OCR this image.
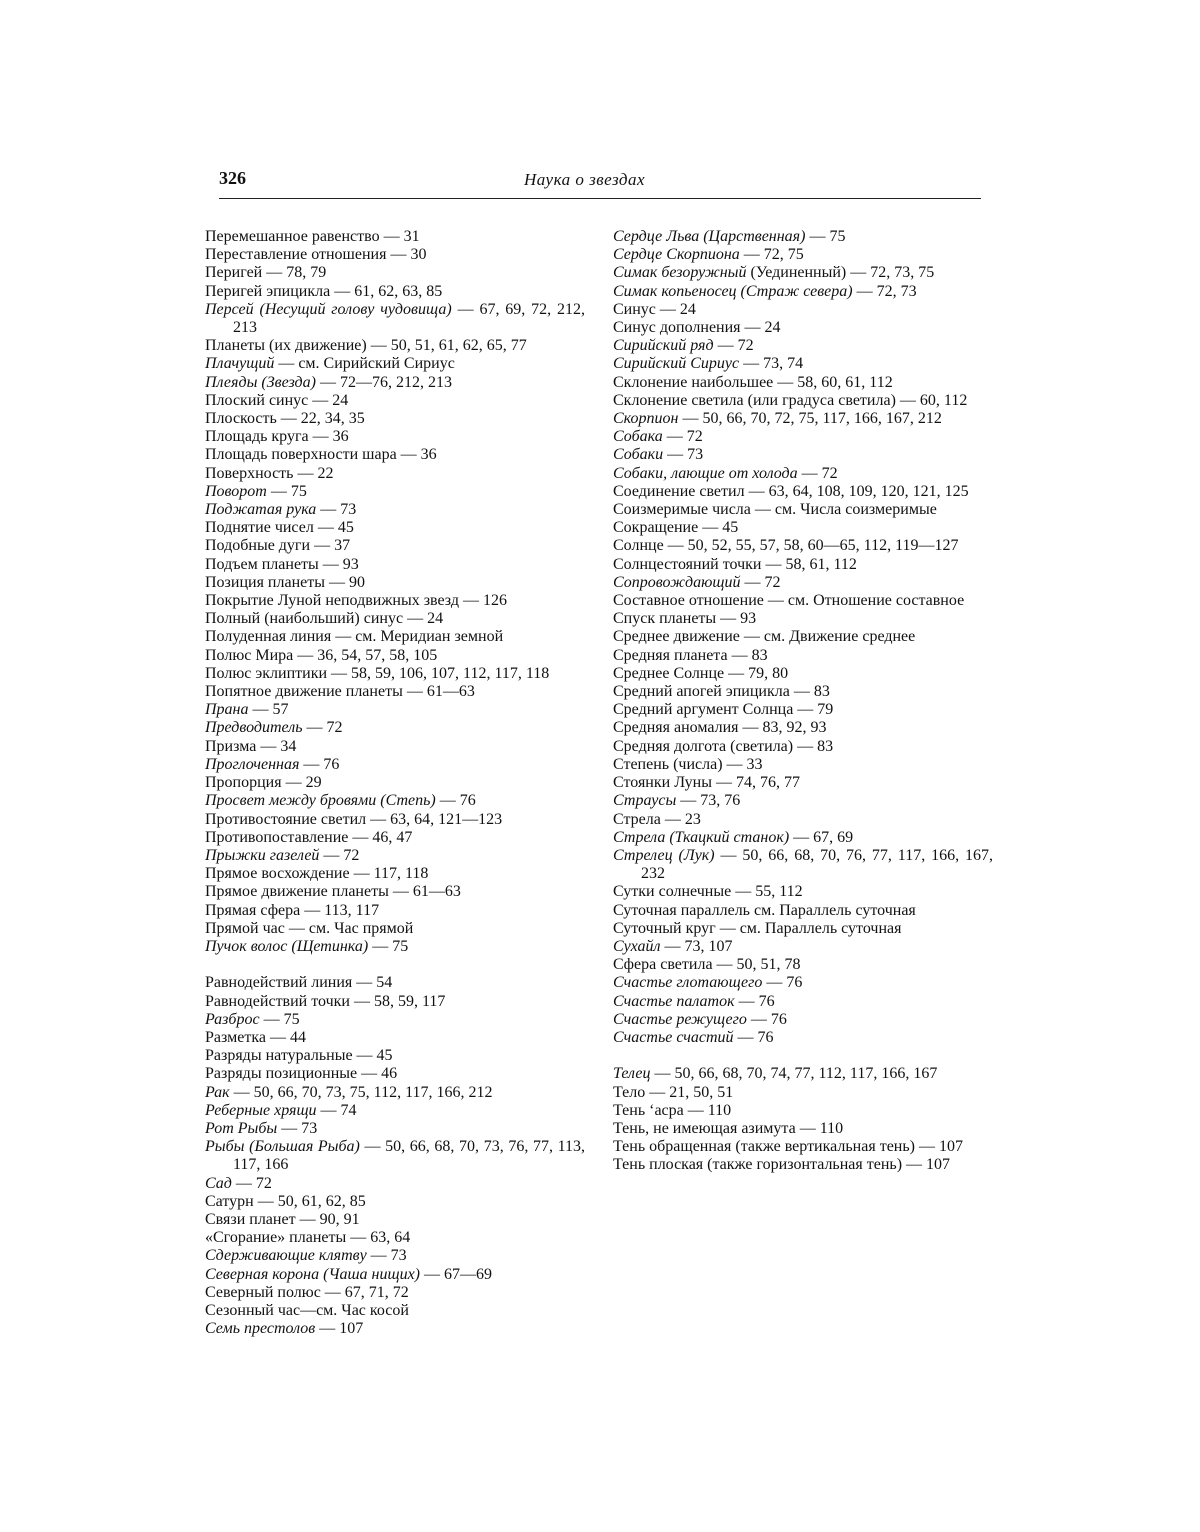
326	Наука о звездах

Перемешанное равенство — 31

Переставление отношения — 30

Перигей — 78, 79

Перигей эпицикла — 61, 62, 63, 85

Персей (Несущий голову чудовища) — 67, 69, 72, 212, 213

Планеты (их движение) — 50, 51, 61, 62, 65, 77

Плачущий — см. Сирийский Сириус

Плеяды (Звезда) — 72—76, 212, 213

Плоский синус — 24

Плоскость — 22, 34, 35

Площадь круга — 36

Площадь поверхности шара — 36

Поверхность — 22

Поворот — 75

Поджатая рука — 73

Поднятие чисел — 45

Подобные дуги — 37

Подъем планеты — 93

Позиция планеты — 90

Покрытие Луной неподвижных звезд — 126

Полный (наибольший) синус — 24

Полуденная линия — см. Меридиан земной

Полюс Мира — 36, 54, 57, 58, 105

Полюс эклиптики — 58, 59, 106, 107, 112, 117, 118

Попятное движение планеты — 61—63

Прана — 57

Предводитель — 72

Призма — 34

Проглоченная — 76

Пропорция — 29

Просвет между бровями (Степь) — 76

Противостояние светил — 63, 64, 121—123

Противопоставление — 46, 47

Прыжки газелей — 72

Прямое восхождение — 117, 118

Прямое движение планеты — 61—63

Прямая сфера — 113, 117

Прямой час — см. Час прямой

Пучок волос (Щетинка) — 75

Равнодействий линия — 54

Равнодействий точки — 58, 59, 117

Разброс — 75

Разметка — 44

Разряды натуральные — 45

Разряды позиционные — 46

Рак — 50, 66, 70, 73, 75, 112, 117, 166, 212

Реберные хрящи — 74

Рот Рыбы — 73

Рыбы (Большая Рыба) — 50, 66, 68, 70, 73, 76, 77, 113, 117, 166

Сад — 72

Сатурн — 50, 61, 62, 85

Связи планет — 90, 91

«Сгорание» планеты — 63, 64

Сдерживающие клятву — 73

Северная корона (Чаша нищих) — 67—69

Северный полюс — 67, 71, 72

Сезонный час—см. Час косой

Семь престолов — 107

Сердце Льва (Царственная) — 75

Сердце Скорпиона — 72, 75

Симак безоружный (Уединенный) — 72, 73, 75

Симак копьеносец (Страж севера) — 72, 73

Синус — 24

Синус дополнения — 24

Сирийский ряд — 72

Сирийский Сириус — 73, 74

Склонение наибольшее — 58, 60, 61, 112

Склонение светила (или градуса светила) — 60, 112

Скорпион — 50, 66, 70, 72, 75, 117, 166, 167, 212

Собака — 72

Собаки — 73

Собаки, лающие от холода — 72

Соединение светил — 63, 64, 108, 109, 120, 121, 125

Соизмеримые числа — см. Числа соизмеримые

Сокращение — 45

Солнце — 50, 52, 55, 57, 58, 60—65, 112, 119—127

Солнцестояний точки — 58, 61, 112

Сопровождающий — 72

Составное отношение — см. Отношение составное

Спуск планеты — 93

Среднее движение — см. Движение среднее

Средняя планета — 83

Среднее Солнце — 79, 80

Средний апогей эпицикла — 83

Средний аргумент Солнца — 79

Средняя аномалия — 83, 92, 93

Средняя долгота (светила) — 83

Степень (числа) — 33

Стоянки Луны — 74, 76, 77

Страусы — 73, 76

Стрела — 23

Стрела (Ткацкий станок) — 67, 69

Стрелец (Лук) — 50, 66, 68, 70, 76, 77, 117, 166, 167, 232

Сутки солнечные — 55, 112

Суточная параллель см. Параллель суточная

Суточный круг — см. Параллель суточная

Сухайл — 73, 107

Сфера светила — 50, 51, 78

Счастье глотающего — 76

Счастье палаток — 76

Счастье режущего — 76

Счастье счастий — 76

Телец — 50, 66, 68, 70, 74, 77, 112, 117, 166, 167

Тело — 21, 50, 51

Тень ‘асра — 110

Тень, не имеющая азимута — 110

Тень обращенная (также вертикальная тень) — 107

Тень плоская (также горизонтальная тень) — 107
